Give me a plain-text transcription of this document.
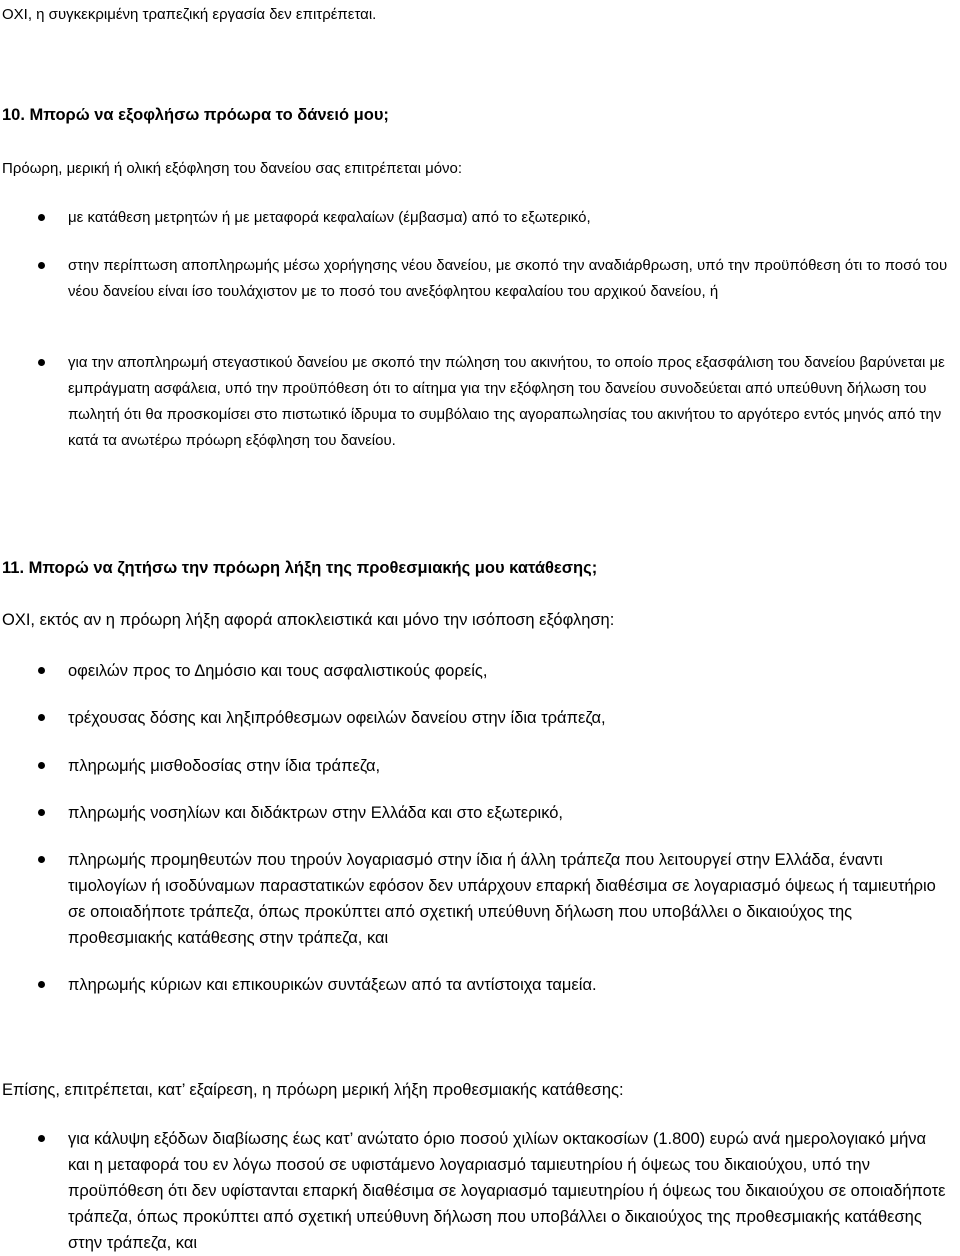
ΟΧΙ, η συγκεκριμένη τραπεζική εργασία δεν επιτρέπεται.

10. Μπορώ να εξοφλήσω πρόωρα το δάνειό μου;

Πρόωρη, μερική ή ολική εξόφληση του δανείου σας επιτρέπεται μόνο:

με κατάθεση μετρητών ή με μεταφορά κεφαλαίων (έμβασμα) από το εξωτερικό,

στην περίπτωση αποπληρωμής μέσω χορήγησης νέου δανείου, με σκοπό την αναδιάρθρωση, υπό την προϋπόθεση ότι το ποσό του νέου δανείου είναι ίσο τουλάχιστον με το ποσό του ανεξόφλητου κεφαλαίου του αρχικού δανείου, ή

για την αποπληρωμή στεγαστικού δανείου με σκοπό την πώληση του ακινήτου, το οποίο προς εξασφάλιση του δανείου βαρύνεται με εμπράγματη ασφάλεια, υπό την προϋπόθεση ότι το αίτημα για την εξόφληση του δανείου συνοδεύεται από υπεύθυνη δήλωση του πωλητή ότι θα προσκομίσει στο πιστωτικό ίδρυμα το συμβόλαιο της αγοραπωλησίας του ακινήτου το αργότερο εντός μηνός από την κατά τα ανωτέρω πρόωρη εξόφληση του δανείου.

11. Μπορώ να ζητήσω την πρόωρη λήξη της προθεσμιακής μου κατάθεσης;

ΟΧΙ, εκτός αν η πρόωρη λήξη αφορά αποκλειστικά και μόνο την ισόποση εξόφληση:

οφειλών προς το Δημόσιο και τους ασφαλιστικούς φορείς,

τρέχουσας δόσης και ληξιπρόθεσμων οφειλών δανείου στην ίδια τράπεζα,

πληρωμής μισθοδοσίας στην ίδια τράπεζα,

πληρωμής νοσηλίων και διδάκτρων στην Ελλάδα και στο εξωτερικό,

πληρωμής προμηθευτών που τηρούν λογαριασμό στην ίδια ή άλλη τράπεζα που λειτουργεί στην Ελλάδα, έναντι τιμολογίων ή ισοδύναμων παραστατικών εφόσον δεν υπάρχουν επαρκή διαθέσιμα σε λογαριασμό όψεως ή ταμιευτήριο σε οποιαδήποτε τράπεζα, όπως προκύπτει από σχετική υπεύθυνη δήλωση που υποβάλλει ο δικαιούχος της προθεσμιακής κατάθεσης στην τράπεζα, και

πληρωμής κύριων και επικουρικών συντάξεων από τα αντίστοιχα ταμεία.

Επίσης, επιτρέπεται, κατ’ εξαίρεση, η πρόωρη μερική λήξη προθεσμιακής κατάθεσης:

για κάλυψη εξόδων διαβίωσης έως κατ’ ανώτατο όριο ποσού χιλίων οκτακοσίων (1.800) ευρώ ανά ημερολογιακό μήνα και η μεταφορά του εν λόγω ποσού σε υφιστάμενο λογαριασμό ταμιευτηρίου ή όψεως του δικαιούχου, υπό την προϋπόθεση ότι δεν υφίστανται επαρκή διαθέσιμα σε λογαριασμό ταμιευτηρίου ή όψεως του δικαιούχου σε οποιαδήποτε τράπεζα, όπως προκύπτει από σχετική υπεύθυνη δήλωση που υποβάλλει ο δικαιούχος της προθεσμιακής κατάθεσης στην τράπεζα, και
